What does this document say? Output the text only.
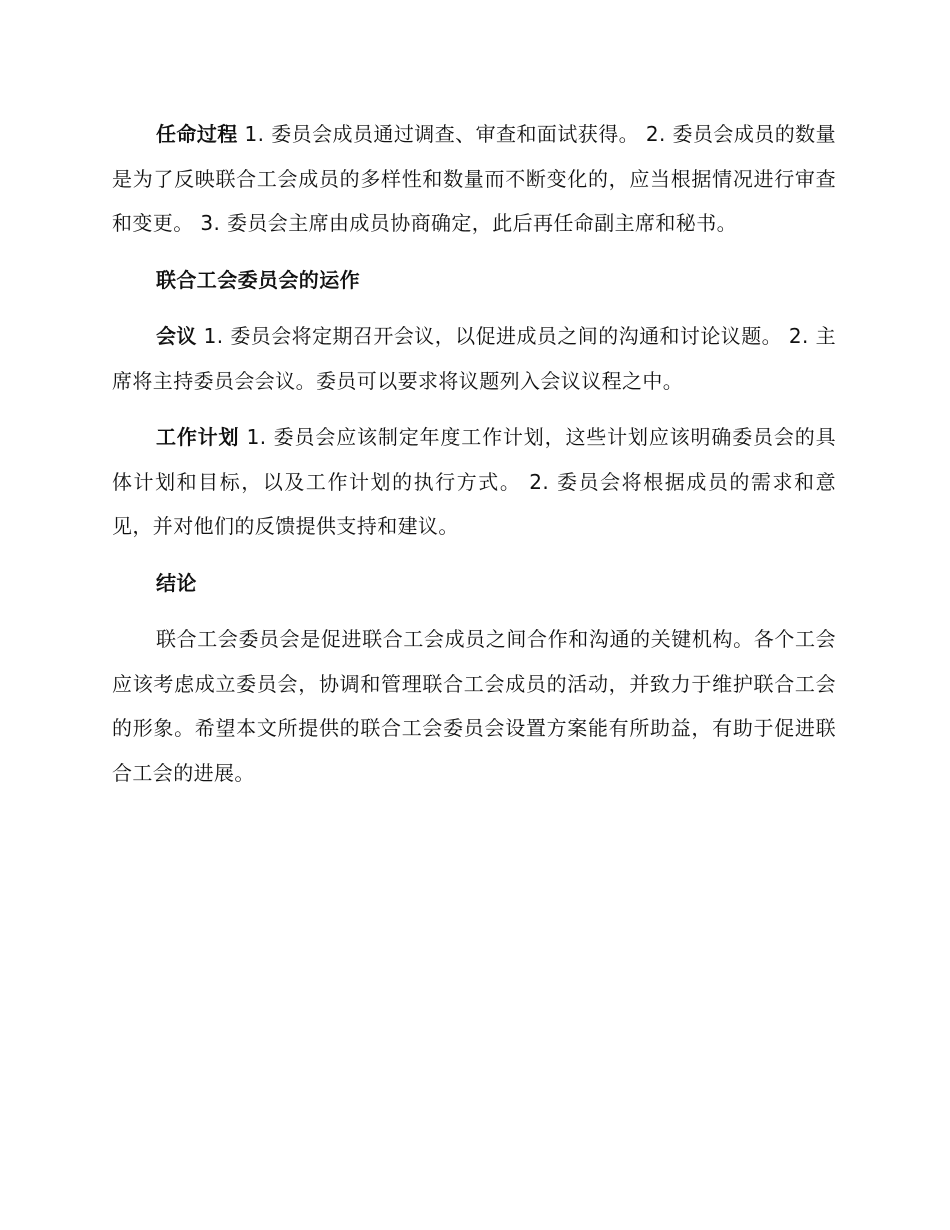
任命过程 1. 委员会成员通过调查、审查和面试获得。 2. 委员会成员的数量是为了反映联合工会成员的多样性和数量而不断变化的，应当根据情况进行审查和变更。 3. 委员会主席由成员协商确定，此后再任命副主席和秘书。

联合工会委员会的运作

会议 1. 委员会将定期召开会议，以促进成员之间的沟通和讨论议题。 2. 主席将主持委员会会议。委员可以要求将议题列入会议议程之中。

工作计划 1. 委员会应该制定年度工作计划，这些计划应该明确委员会的具体计划和目标，以及工作计划的执行方式。 2. 委员会将根据成员的需求和意见，并对他们的反馈提供支持和建议。

结论

联合工会委员会是促进联合工会成员之间合作和沟通的关键机构。各个工会应该考虑成立委员会，协调和管理联合工会成员的活动，并致力于维护联合工会的形象。希望本文所提供的联合工会委员会设置方案能有所助益，有助于促进联合工会的进展。
